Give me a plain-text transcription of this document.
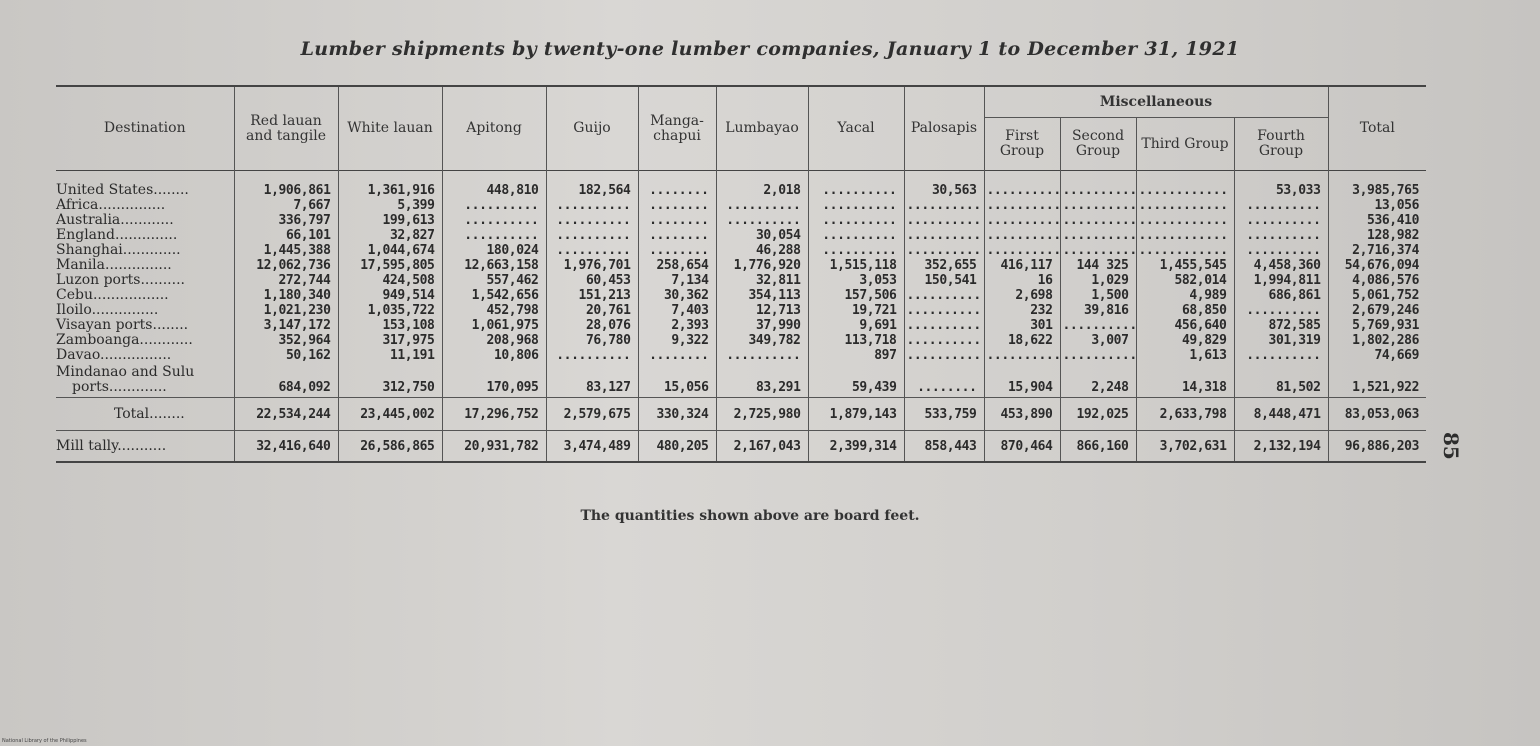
Lumber shipments by twenty-one lumber companies, January 1 to December 31, 1921
Destination	Red lauan and tangile	White lauan	Apitong	Guijo	Manga-chapui	Lumbayao	Yacal	Palosapis	Miscellaneous				Total
									First Group	Second Group	Third Group	Fourth Group	

United States........	1,906,861	1,361,916	448,810	182,564	........	2,018	..........	30,563	..........	..........	............	53,033	3,985,765
Africa...............	7,667	5,399	..........	..........	........	..........	..........	..........	..........	..........	............	..........	13,056
Australia............	336,797	199,613	..........	..........	........	..........	..........	..........	..........	..........	............	..........	536,410
England..............	66,101	32,827	..........	..........	........	30,054	..........	..........	..........	..........	............	..........	128,982
Shanghai.............	1,445,388	1,044,674	180,024	..........	........	46,288	..........	..........	..........	..........	............	..........	2,716,374
Manila...............	12,062,736	17,595,805	12,663,158	1,976,701	258,654	1,776,920	1,515,118	352,655	416,117	144 325	1,455,545	4,458,360	54,676,094
Luzon ports..........	272,744	424,508	557,462	60,453	7,134	32,811	3,053	150,541	16	1,029	582,014	1,994,811	4,086,576
Cebu.................	1,180,340	949,514	1,542,656	151,213	30,362	354,113	157,506	..........	2,698	1,500	4,989	686,861	5,061,752
Iloilo...............	1,021,230	1,035,722	452,798	20,761	7,403	12,713	19,721	..........	232	39,816	68,850	..........	2,679,246
Visayan ports........	3,147,172	153,108	1,061,975	28,076	2,393	37,990	9,691	..........	301	..........	456,640	872,585	5,769,931
Zamboanga............	352,964	317,975	208,968	76,780	9,322	349,782	113,718	..........	18,622	3,007	49,829	301,319	1,802,286
Davao................	50,162	11,191	10,806	..........	........	..........	897	..........	..........	..........	1,613	..........	74,669

Mindanao and Sulu
ports.............	684,092	312,750	170,095	83,127	15,056	83,291	59,439	........	15,904	2,248	14,318	81,502	1,521,922
Total........	22,534,244	23,445,002	17,296,752	2,579,675	330,324	2,725,980	1,879,143	533,759	453,890	192,025	2,633,798	8,448,471	83,053,063
Mill tally...........	32,416,640	26,586,865	20,931,782	3,474,489	480,205	2,167,043	2,399,314	858,443	870,464	866,160	3,702,631	2,132,194	96,886,203
The quantities shown above are board feet.
85
National Library of the Philippines
